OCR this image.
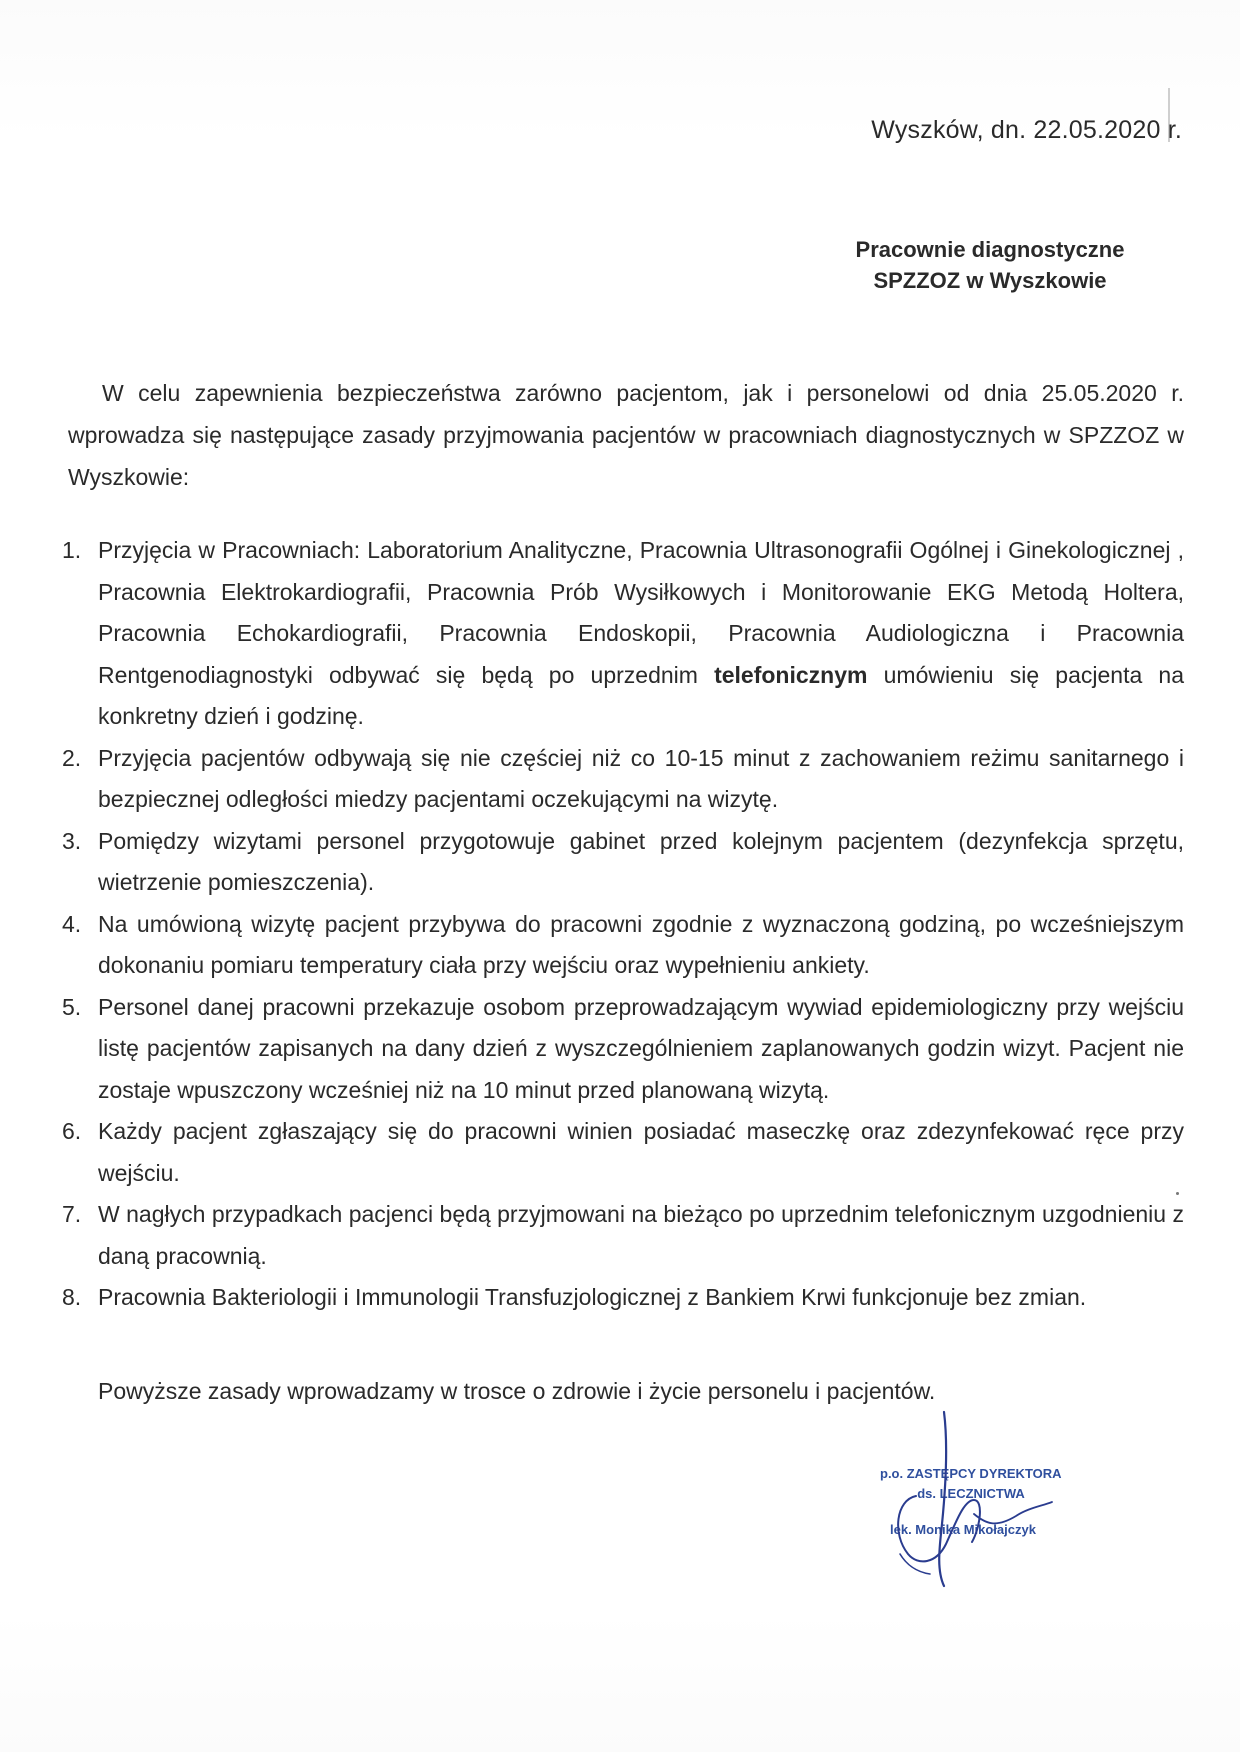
Wyszków, dn. 22.05.2020 r.
Pracownie diagnostyczne
SPZZOZ w Wyszkowie

W celu zapewnienia bezpieczeństwa zarówno pacjentom, jak i personelowi od dnia 25.05.2020 r. wprowadza się następujące zasady przyjmowania pacjentów w pracowniach diagnostycznych w SPZZOZ w Wyszkowie:

1. Przyjęcia w Pracowniach: Laboratorium Analityczne, Pracownia Ultrasonografii Ogólnej i Ginekologicznej , Pracownia Elektrokardiografii, Pracownia Prób Wysiłkowych i Monitorowanie EKG Metodą Holtera, Pracownia Echokardiografii, Pracownia Endoskopii, Pracownia Audiologiczna i Pracownia Rentgenodiagnostyki odbywać się będą po uprzednim telefonicznym umówieniu się pacjenta na konkretny dzień i godzinę.
2. Przyjęcia pacjentów odbywają się nie częściej niż co 10-15 minut z zachowaniem reżimu sanitarnego i bezpiecznej odległości miedzy pacjentami oczekującymi na wizytę.
3. Pomiędzy wizytami personel przygotowuje gabinet przed kolejnym pacjentem (dezynfekcja sprzętu, wietrzenie pomieszczenia).
4. Na umówioną wizytę pacjent przybywa do pracowni zgodnie z wyznaczoną godziną, po wcześniejszym dokonaniu pomiaru temperatury ciała przy wejściu oraz wypełnieniu ankiety.
5. Personel danej pracowni przekazuje osobom przeprowadzającym wywiad epidemiologiczny przy wejściu listę pacjentów zapisanych na dany dzień z wyszczególnieniem zaplanowanych godzin wizyt. Pacjent nie zostaje wpuszczony wcześniej niż na 10 minut przed planowaną wizytą.
6. Każdy pacjent zgłaszający się do pracowni winien posiadać maseczkę oraz zdezynfekować ręce przy wejściu.
7. W nagłych przypadkach pacjenci będą przyjmowani na bieżąco po uprzednim telefonicznym uzgodnieniu z daną pracownią.
8. Pracownia Bakteriologii i Immunologii Transfuzjologicznej z Bankiem Krwi funkcjonuje bez zmian.
Powyższe zasady wprowadzamy w trosce o zdrowie i życie personelu i pacjentów.
p.o. ZASTĘPCY DYREKTORA
ds. LECZNICTWA
lek. Monika Mikołajczyk
